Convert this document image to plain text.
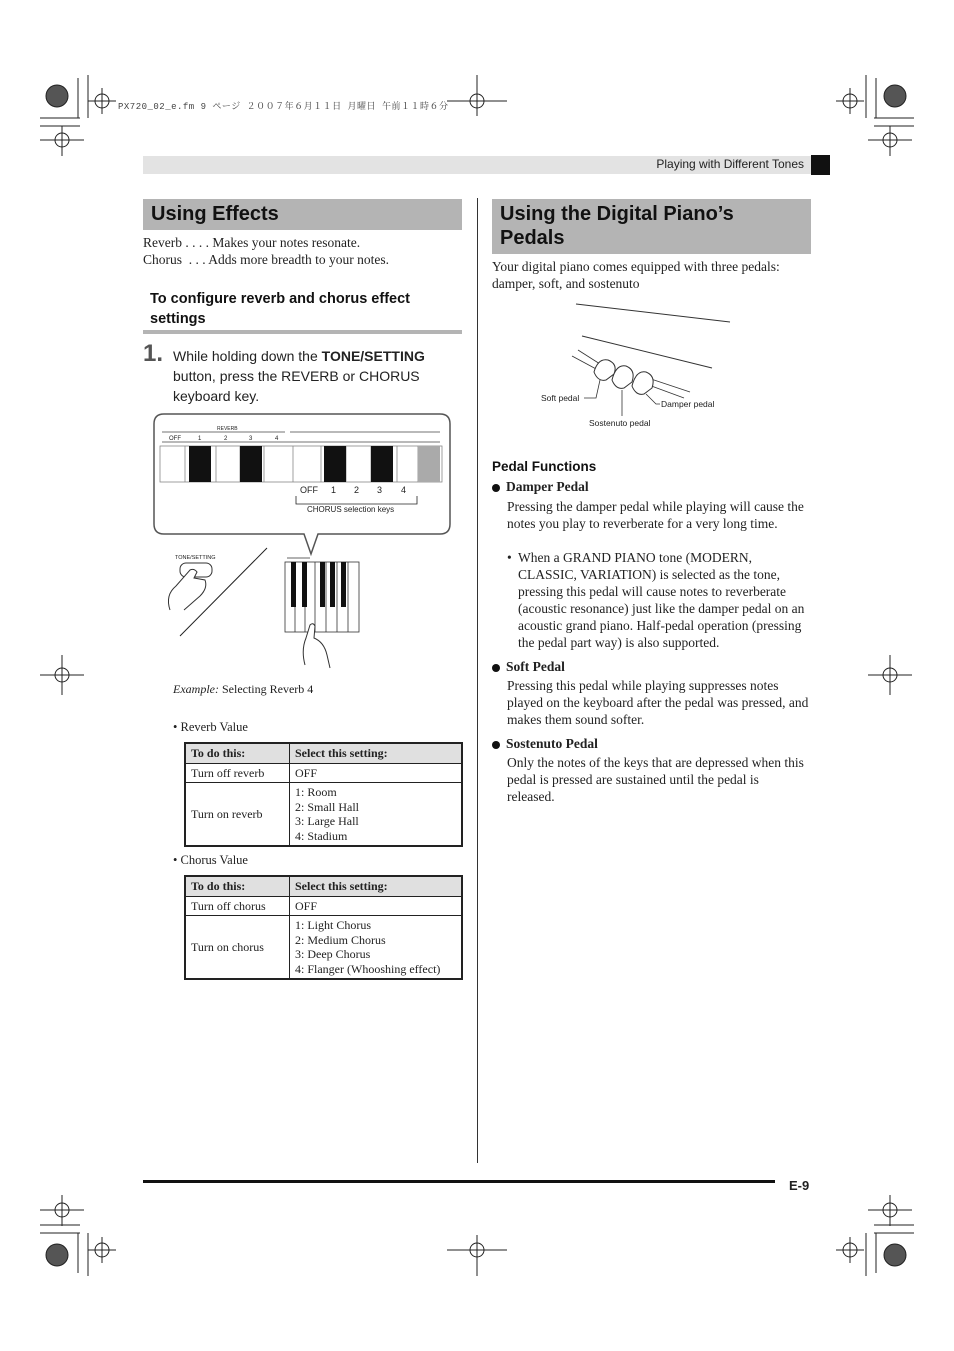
PX720_02_e.fm 9 ページ ２００７年６月１１日 月曜日 午前１１時６分
Playing with Different Tones
Using Effects
Reverb . . . . Makes your notes resonate.
Chorus  . . . Adds more breadth to your notes.
To configure reverb and chorus effect settings
1. While holding down the TONE/SETTING button, press the REVERB or CHORUS keyboard key.
REVERB
OFF	1	2	3	4
OFF 1 2 3 4
CHORUS selection keys
TONE/SETTING
Example: Selecting Reverb 4
• Reverb Value
To do this:	Select this setting:
Turn off reverb	OFF
Turn on reverb	1: Room
2: Small Hall
3: Large Hall
4: Stadium
• Chorus Value
To do this:	Select this setting:
Turn off chorus	OFF
Turn on chorus	1: Light Chorus
2: Medium Chorus
3: Deep Chorus
4: Flanger (Whooshing effect)
Using the Digital Piano’s Pedals
Your digital piano comes equipped with three pedals: damper, soft, and sostenuto
Soft pedal
Damper pedal
Sostenuto pedal
Pedal Functions
Damper Pedal
Pressing the damper pedal while playing will cause the notes you play to reverberate for a very long time.
• When a GRAND PIANO tone (MODERN, CLASSIC, VARIATION) is selected as the tone, pressing this pedal will cause notes to reverberate (acoustic resonance) just like the damper pedal on an acoustic grand piano. Half-pedal operation (pressing the pedal part way) is also supported.
Soft Pedal
Pressing this pedal while playing suppresses notes played on the keyboard after the pedal was pressed, and makes them sound softer.
Sostenuto Pedal
Only the notes of the keys that are depressed when this pedal is pressed are sustained until the pedal is released.
E-9
